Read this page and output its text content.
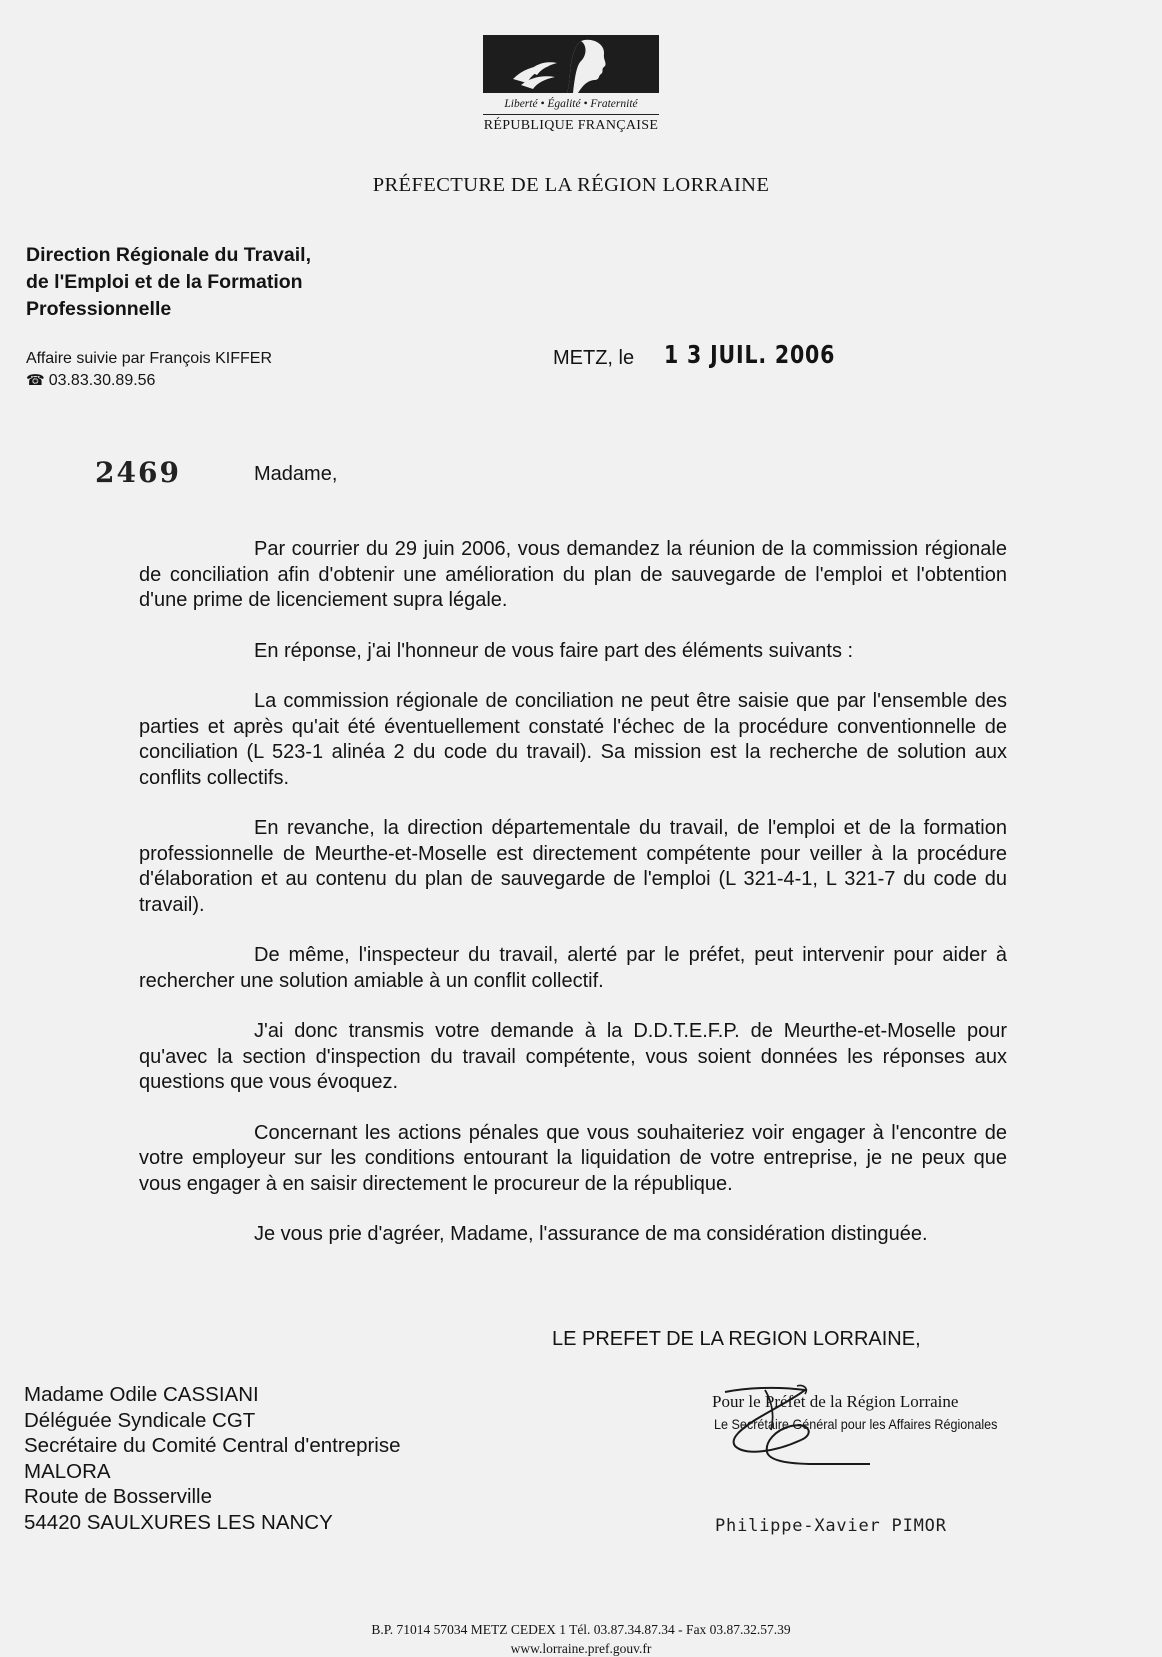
Liberté • Égalité • Fraternité
RÉPUBLIQUE FRANÇAISE
PRÉFECTURE DE LA RÉGION LORRAINE
Direction Régionale du Travail,
de l'Emploi et de la Formation
Professionnelle
Affaire suivie par François KIFFER
☎ 03.83.30.89.56
METZ, le 1 3 JUIL. 2006
2469	Madame,

Par courrier du 29 juin 2006, vous demandez la réunion de la commission régionale de conciliation afin d'obtenir une amélioration du plan de sauvegarde de l'emploi et l'obtention d'une prime de licenciement supra légale.

En réponse, j'ai l'honneur de vous faire part des éléments suivants :

La commission régionale de conciliation ne peut être saisie que par l'ensemble des parties et après qu'ait été éventuellement constaté l'échec de la procédure conventionnelle de conciliation (L 523-1 alinéa 2 du code du travail). Sa mission est la recherche de solution aux conflits collectifs.

En revanche, la direction départementale du travail, de l'emploi et de la formation professionnelle de Meurthe-et-Moselle est directement compétente pour veiller à la procédure d'élaboration et au contenu du plan de sauvegarde de l'emploi (L 321-4-1, L 321-7 du code du travail).

De même, l'inspecteur du travail, alerté par le préfet, peut intervenir pour aider à rechercher une solution amiable à un conflit collectif.

J'ai donc transmis votre demande à la D.D.T.E.F.P. de Meurthe-et-Moselle pour qu'avec la section d'inspection du travail compétente, vous soient données les réponses aux questions que vous évoquez.

Concernant les actions pénales que vous souhaiteriez voir engager à l'encontre de votre employeur sur les conditions entourant la liquidation de votre entreprise, je ne peux que vous engager à en saisir directement le procureur de la république.

Je vous prie d'agréer, Madame, l'assurance de ma considération distinguée.

LE PREFET DE LA REGION LORRAINE,
Pour le Préfet de la Région Lorraine
Le Secrétaire Général pour les Affaires Régionales
Philippe-Xavier PIMOR
Madame Odile CASSIANI
Déléguée Syndicale CGT
Secrétaire du Comité Central d'entreprise
MALORA
Route de Bosserville
54420 SAULXURES LES NANCY
B.P. 71014 57034 METZ CEDEX 1 Tél. 03.87.34.87.34 - Fax 03.87.32.57.39
www.lorraine.pref.gouv.fr
